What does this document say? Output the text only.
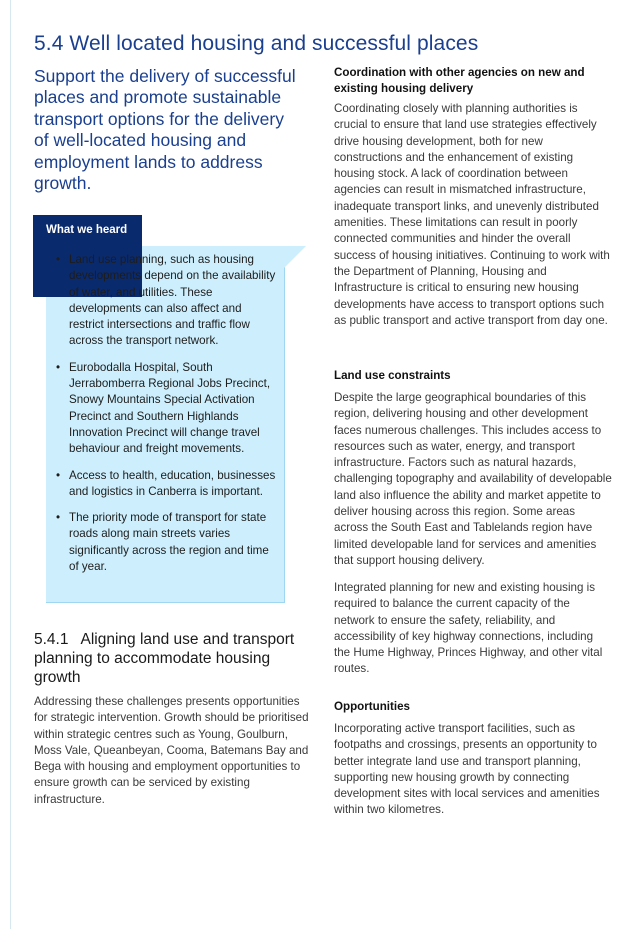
5.4 Well located housing and successful places

Support the delivery of successful places and promote sustainable transport options for the delivery of well-located housing and employment lands to address growth.

What we heard
• Land use planning, such as housing developments depend on the availability of water, and utilities. These developments can also affect and restrict intersections and traffic flow across the transport network.
• Eurobodalla Hospital, South Jerrabomberra Regional Jobs Precinct, Snowy Mountains Special Activation Precinct and Southern Highlands Innovation Precinct will change travel behaviour and freight movements.
• Access to health, education, businesses and logistics in Canberra is important.
• The priority mode of transport for state roads along main streets varies significantly across the region and time of year.
5.4.1 Aligning land use and transport planning to accommodate housing growth

Addressing these challenges presents opportunities for strategic intervention. Growth should be prioritised within strategic centres such as Young, Goulburn, Moss Vale, Queanbeyan, Cooma, Batemans Bay and Bega with housing and employment opportunities to ensure growth can be serviced by existing infrastructure.

Coordination with other agencies on new and existing housing delivery

Coordinating closely with planning authorities is crucial to ensure that land use strategies effectively drive housing development, both for new constructions and the enhancement of existing housing stock. A lack of coordination between agencies can result in mismatched infrastructure, inadequate transport links, and unevenly distributed amenities. These limitations can result in poorly connected communities and hinder the overall success of housing initiatives. Continuing to work with the Department of Planning, Housing and Infrastructure is critical to ensuring new housing developments have access to transport options such as public transport and active transport from day one.

Land use constraints

Despite the large geographical boundaries of this region, delivering housing and other development faces numerous challenges. This includes access to resources such as water, energy, and transport infrastructure. Factors such as natural hazards, challenging topography and availability of developable land also influence the ability and market appetite to deliver housing across this region. Some areas across the South East and Tablelands region have limited developable land for services and amenities that support housing delivery.

Integrated planning for new and existing housing is required to balance the current capacity of the network to ensure the safety, reliability, and accessibility of key highway connections, including the Hume Highway, Princes Highway, and other vital routes.

Opportunities

Incorporating active transport facilities, such as footpaths and crossings, presents an opportunity to better integrate land use and transport planning, supporting new housing growth by connecting development sites with local services and amenities within two kilometres.
